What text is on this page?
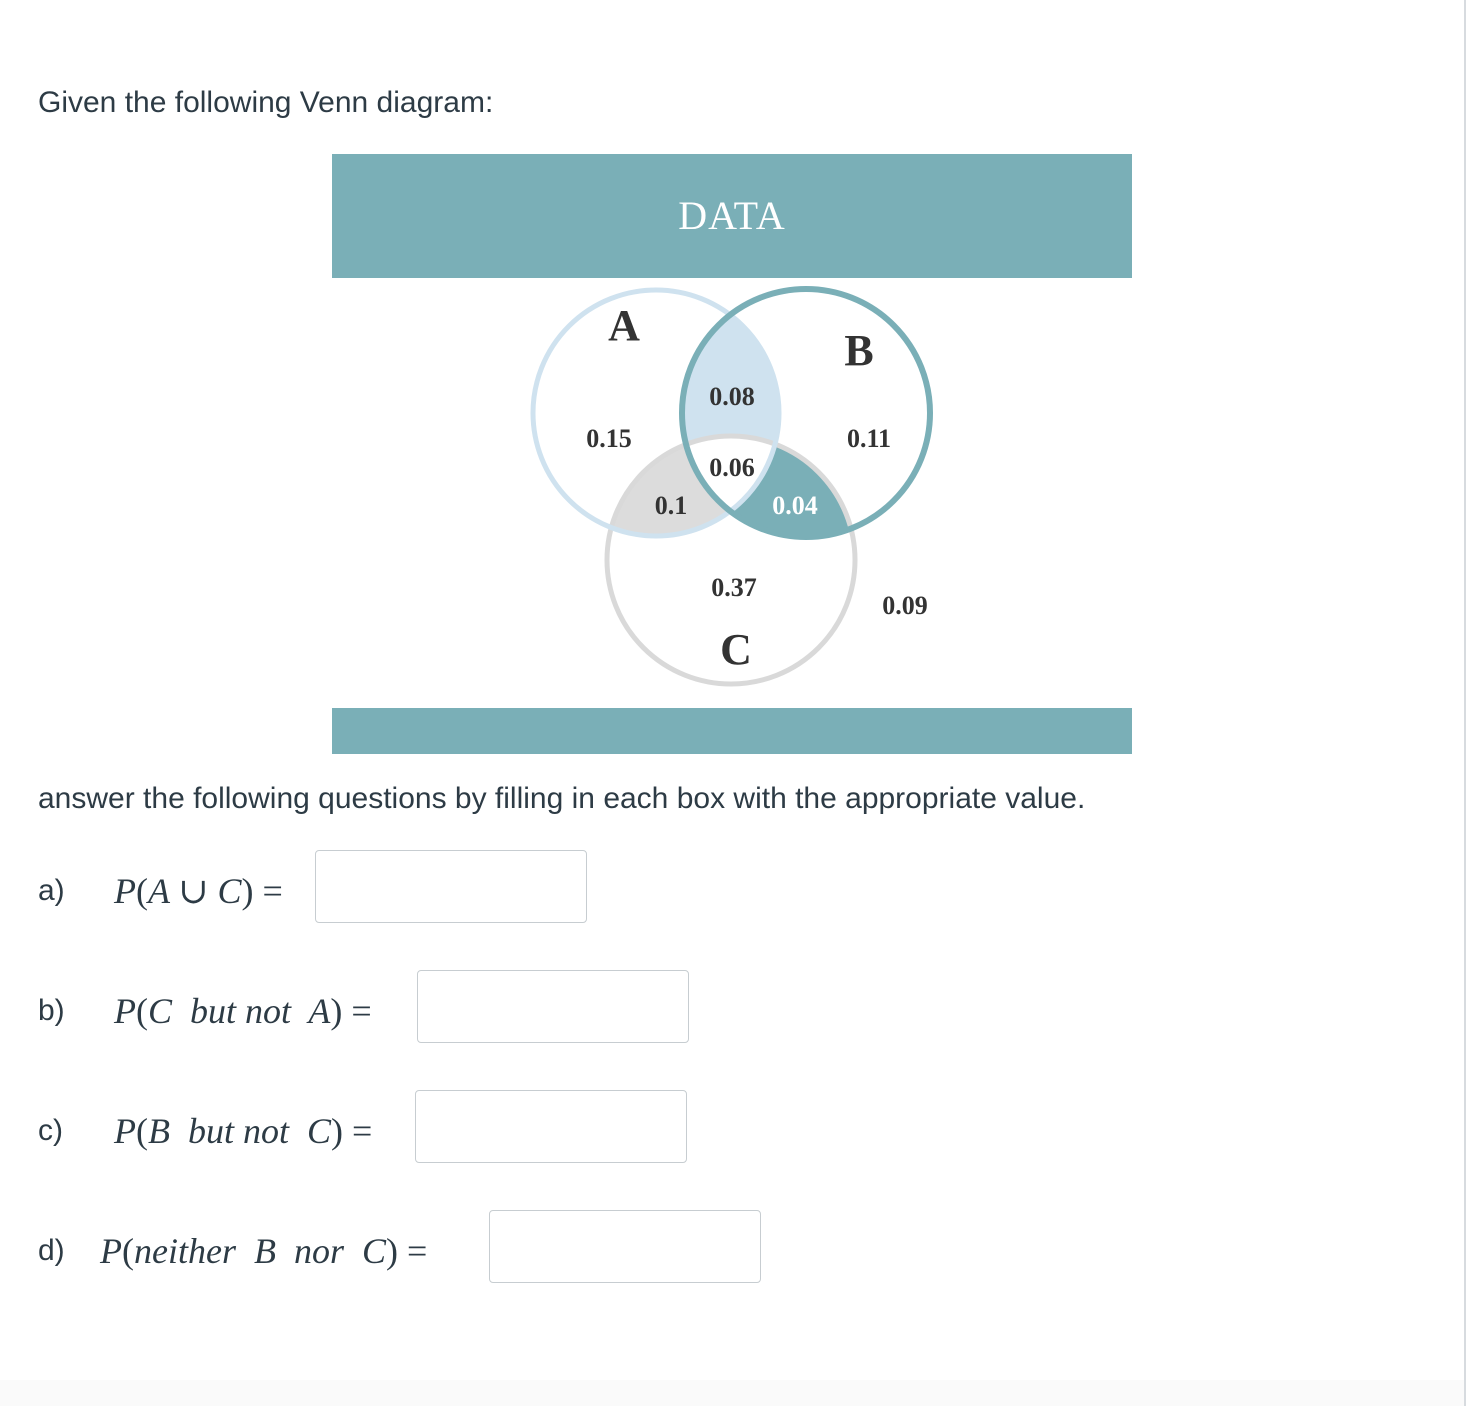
Given the following Venn diagram:
DATA
A
B
C
0.15
0.08
0.11
0.06
0.1	0.04
0.37
0.09
answer the following questions by filling in each box with the appropriate value.
a) P(A ∪ C) =
b) P(C  but not  A) =
c) P(B  but not  C) =
d) P(neither  B  nor  C) =
